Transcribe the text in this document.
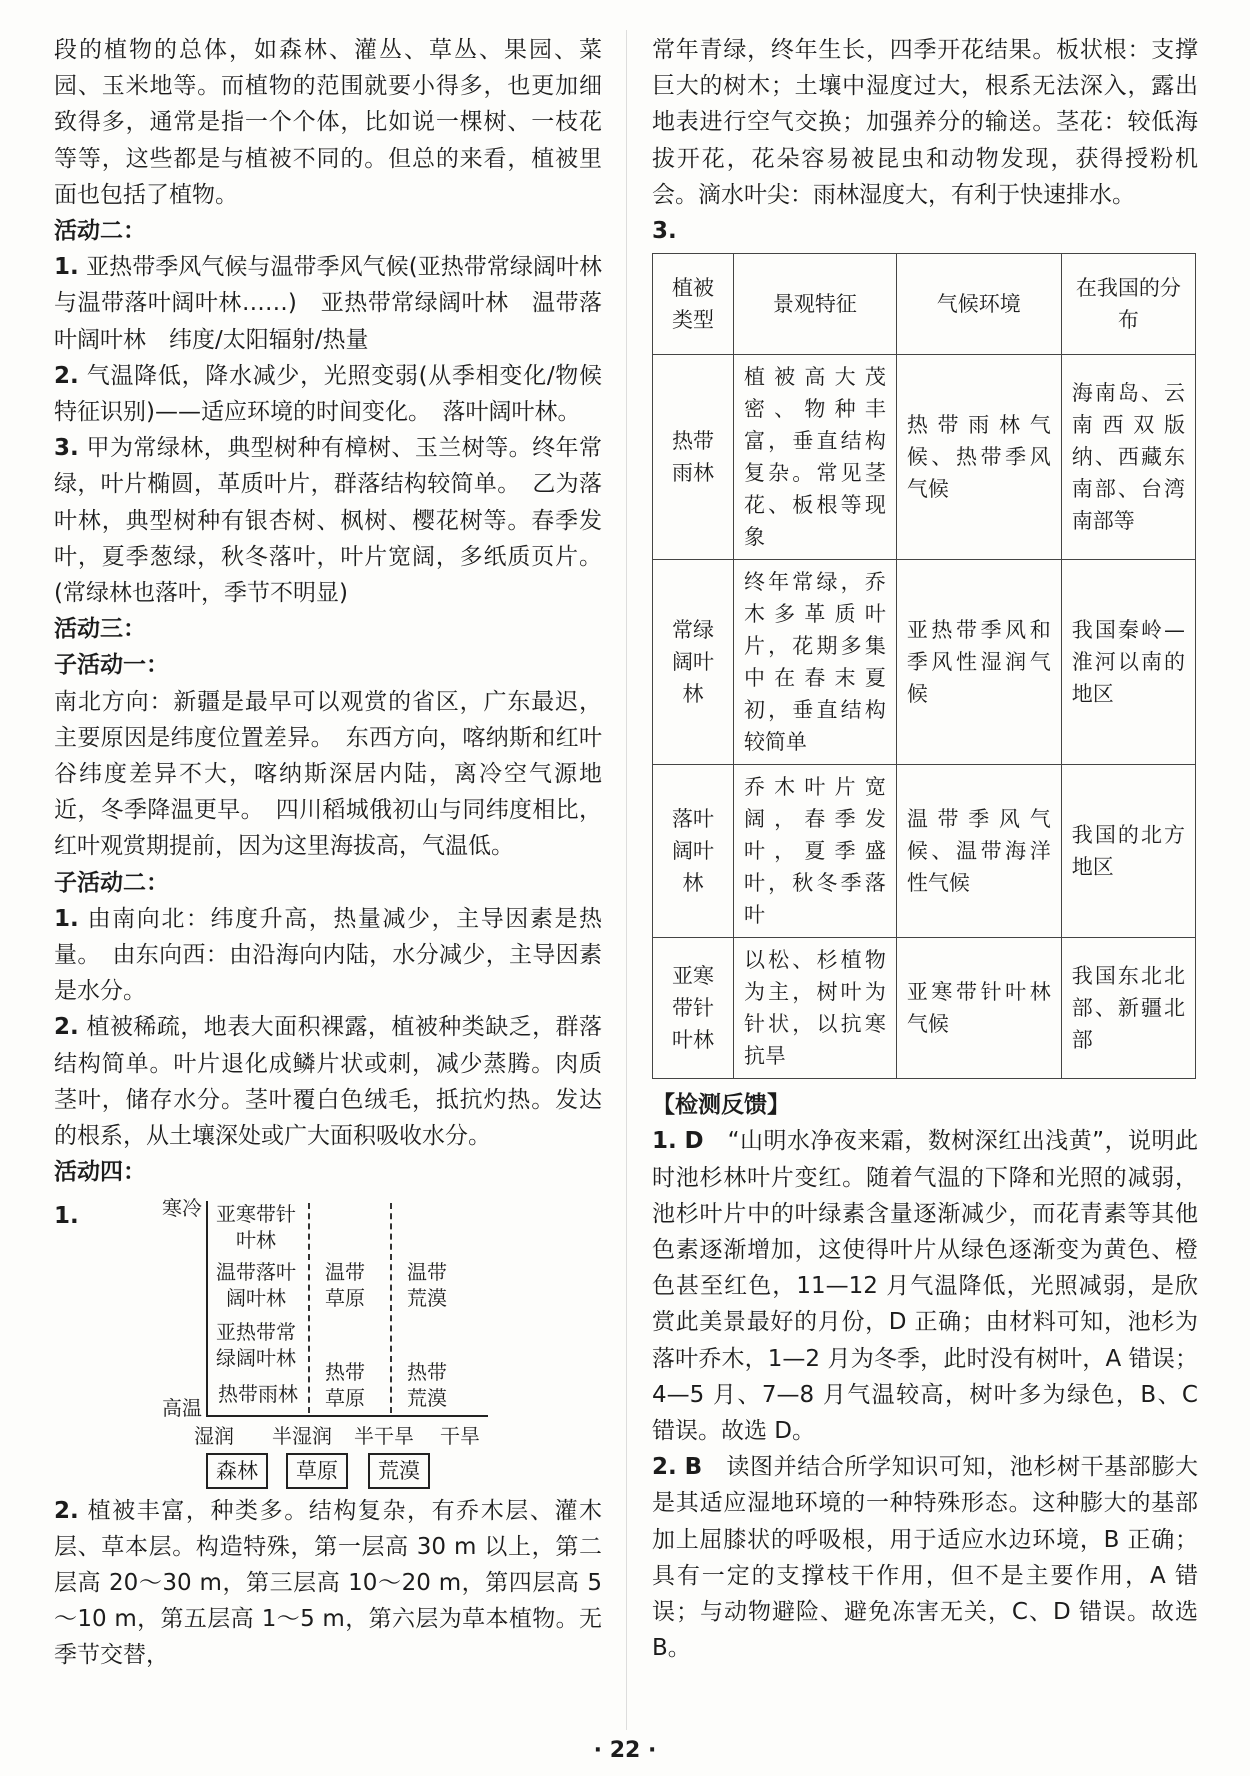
段的植物的总体，如森林、灌丛、草丛、果园、菜园、玉米地等。而植物的范围就要小得多，也更加细致得多，通常是指一个个体，比如说一棵树、一枝花等等，这些都是与植被不同的。但总的来看，植被里面也包括了植物。

活动二：

1. 亚热带季风气候与温带季风气候(亚热带常绿阔叶林与温带落叶阔叶林……)　亚热带常绿阔叶林　温带落叶阔叶林　纬度/太阳辐射/热量

2. 气温降低，降水减少，光照变弱(从季相变化/物候特征识别)——适应环境的时间变化。　落叶阔叶林。

3. 甲为常绿林，典型树种有樟树、玉兰树等。终年常绿，叶片椭圆，革质叶片，群落结构较简单。　乙为落叶林，典型树种有银杏树、枫树、樱花树等。春季发叶，夏季葱绿，秋冬落叶，叶片宽阔，多纸质页片。(常绿林也落叶，季节不明显)

活动三：

子活动一：

南北方向：新疆是最早可以观赏的省区，广东最迟，主要原因是纬度位置差异。　东西方向，喀纳斯和红叶谷纬度差异不大，喀纳斯深居内陆，离冷空气源地近，冬季降温更早。　四川稻城俄初山与同纬度相比，红叶观赏期提前，因为这里海拔高，气温低。

子活动二：

1. 由南向北：纬度升高，热量减少，主导因素是热量。　由东向西：由沿海向内陆，水分减少，主导因素是水分。

2. 植被稀疏，地表大面积裸露，植被种类缺乏，群落结构简单。叶片退化成鳞片状或刺，减少蒸腾。肉质茎叶，储存水分。茎叶覆白色绒毛，抵抗灼热。发达的根系，从土壤深处或广大面积吸收水分。

活动四：

1.	寒冷
高温
亚寒带针叶林
温带落叶阔叶林
温带草原
温带荒漠
亚热带常绿阔叶林
热带雨林
热带草原
热带荒漠
湿润 半湿润 半干旱 干旱
森林	草原	荒漠

2. 植被丰富，种类多。结构复杂，有乔木层、灌木层、草本层。构造特殊，第一层高 30 m 以上，第二层高 20～30 m，第三层高 10～20 m，第四层高 5～10 m，第五层高 1～5 m，第六层为草本植物。无季节交替，

常年青绿，终年生长，四季开花结果。板状根：支撑巨大的树木；土壤中湿度过大，根系无法深入，露出地表进行空气交换；加强养分的输送。茎花：较低海拔开花，花朵容易被昆虫和动物发现，获得授粉机会。滴水叶尖：雨林湿度大，有利于快速排水。

3.

植被类型	景观特征	气候环境	在我国的分布
热带雨林	植被高大茂密、物种丰富，垂直结构复杂。常见茎花、板根等现象	热带雨林气候、热带季风气候	海南岛、云南西双版纳、西藏东南部、台湾南部等
常绿阔叶林	终年常绿，乔木多革质叶片，花期多集中在春末夏初，垂直结构较简单	亚热带季风和季风性湿润气候	我国秦岭—淮河以南的地区
落叶阔叶林	乔木叶片宽阔，春季发叶，夏季盛叶，秋冬季落叶	温带季风气候、温带海洋性气候	我国的北方地区
亚寒带针叶林	以松、杉植物为主，树叶为针状，以抗寒抗旱	亚寒带针叶林气候	我国东北北部、新疆北部

【检测反馈】

1. D　 “山明水净夜来霜，数树深红出浅黄”，说明此时池杉林叶片变红。随着气温的下降和光照的减弱，池杉叶片中的叶绿素含量逐渐减少，而花青素等其他色素逐渐增加，这使得叶片从绿色逐渐变为黄色、橙色甚至红色，11—12 月气温降低，光照减弱，是欣赏此美景最好的月份，D 正确；由材料可知，池杉为落叶乔木，1—2 月为冬季，此时没有树叶，A 错误；4—5 月、7—8 月气温较高，树叶多为绿色，B、C 错误。故选 D。

2. B　 读图并结合所学知识可知，池杉树干基部膨大是其适应湿地环境的一种特殊形态。这种膨大的基部加上屈膝状的呼吸根，用于适应水边环境，B 正确；具有一定的支撑枝干作用，但不是主要作用，A 错误；与动物避险、避免冻害无关，C、D 错误。故选 B。

· 22 ·
